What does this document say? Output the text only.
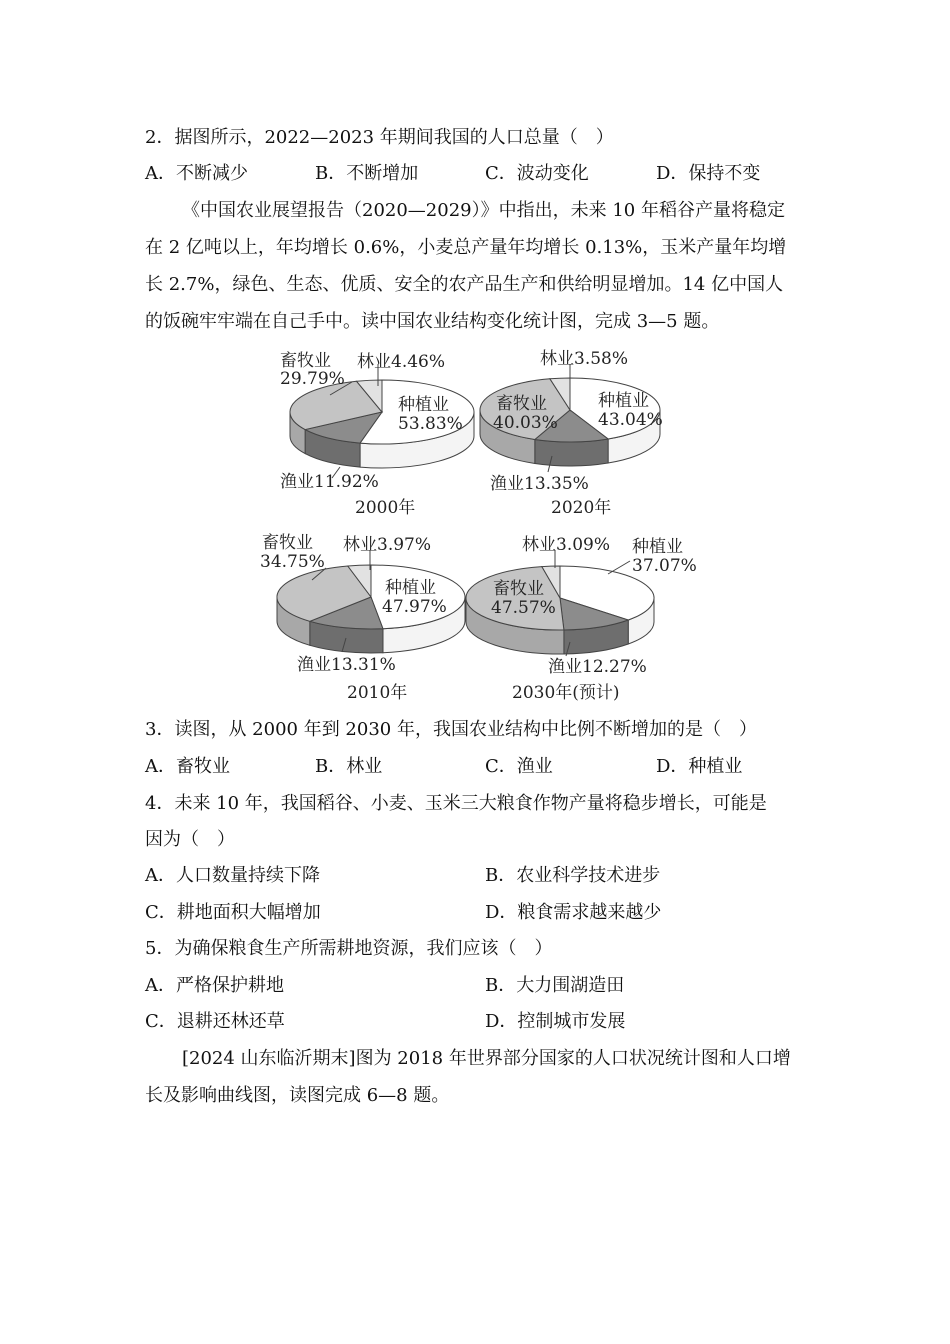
2．据图所示，2022—2023 年期间我国的人口总量（　）
A．不断减少	B．不断增加	C．波动变化	D．保持不变
《中国农业展望报告（2020—2029）》中指出，未来 10 年稻谷产量将稳定
在 2 亿吨以上，年均增长 0.6%，小麦总产量年均增长 0.13%，玉米产量年均增
长 2.7%，绿色、生态、优质、安全的农产品生产和供给明显增加。14 亿中国人
的饭碗牢牢端在自己手中。读中国农业结构变化统计图，完成 3—5 题。
畜牧业
29.79%
林业4.46%
种植业
53.83%
渔业11.92%
2000年
林业3.58%
畜牧业
40.03%
种植业
43.04%
渔业13.35%
2020年
畜牧业
34.75%
林业3.97%
种植业
47.97%
渔业13.31%
2010年
林业3.09% 种植业
37.07%
畜牧业
47.57%
渔业12.27%
2030年(预计)
3．读图，从 2000 年到 2030 年，我国农业结构中比例不断增加的是（　）
A．畜牧业	B．林业	C．渔业	D．种植业
4．未来 10 年，我国稻谷、小麦、玉米三大粮食作物产量将稳步增长，可能是
因为（　）
A．人口数量持续下降	B．农业科学技术进步
C．耕地面积大幅增加	D．粮食需求越来越少
5．为确保粮食生产所需耕地资源，我们应该（　）
A．严格保护耕地	B．大力围湖造田
C．退耕还林还草	D．控制城市发展
[2024 山东临沂期末]图为 2018 年世界部分国家的人口状况统计图和人口增
长及影响曲线图，读图完成 6—8 题。
